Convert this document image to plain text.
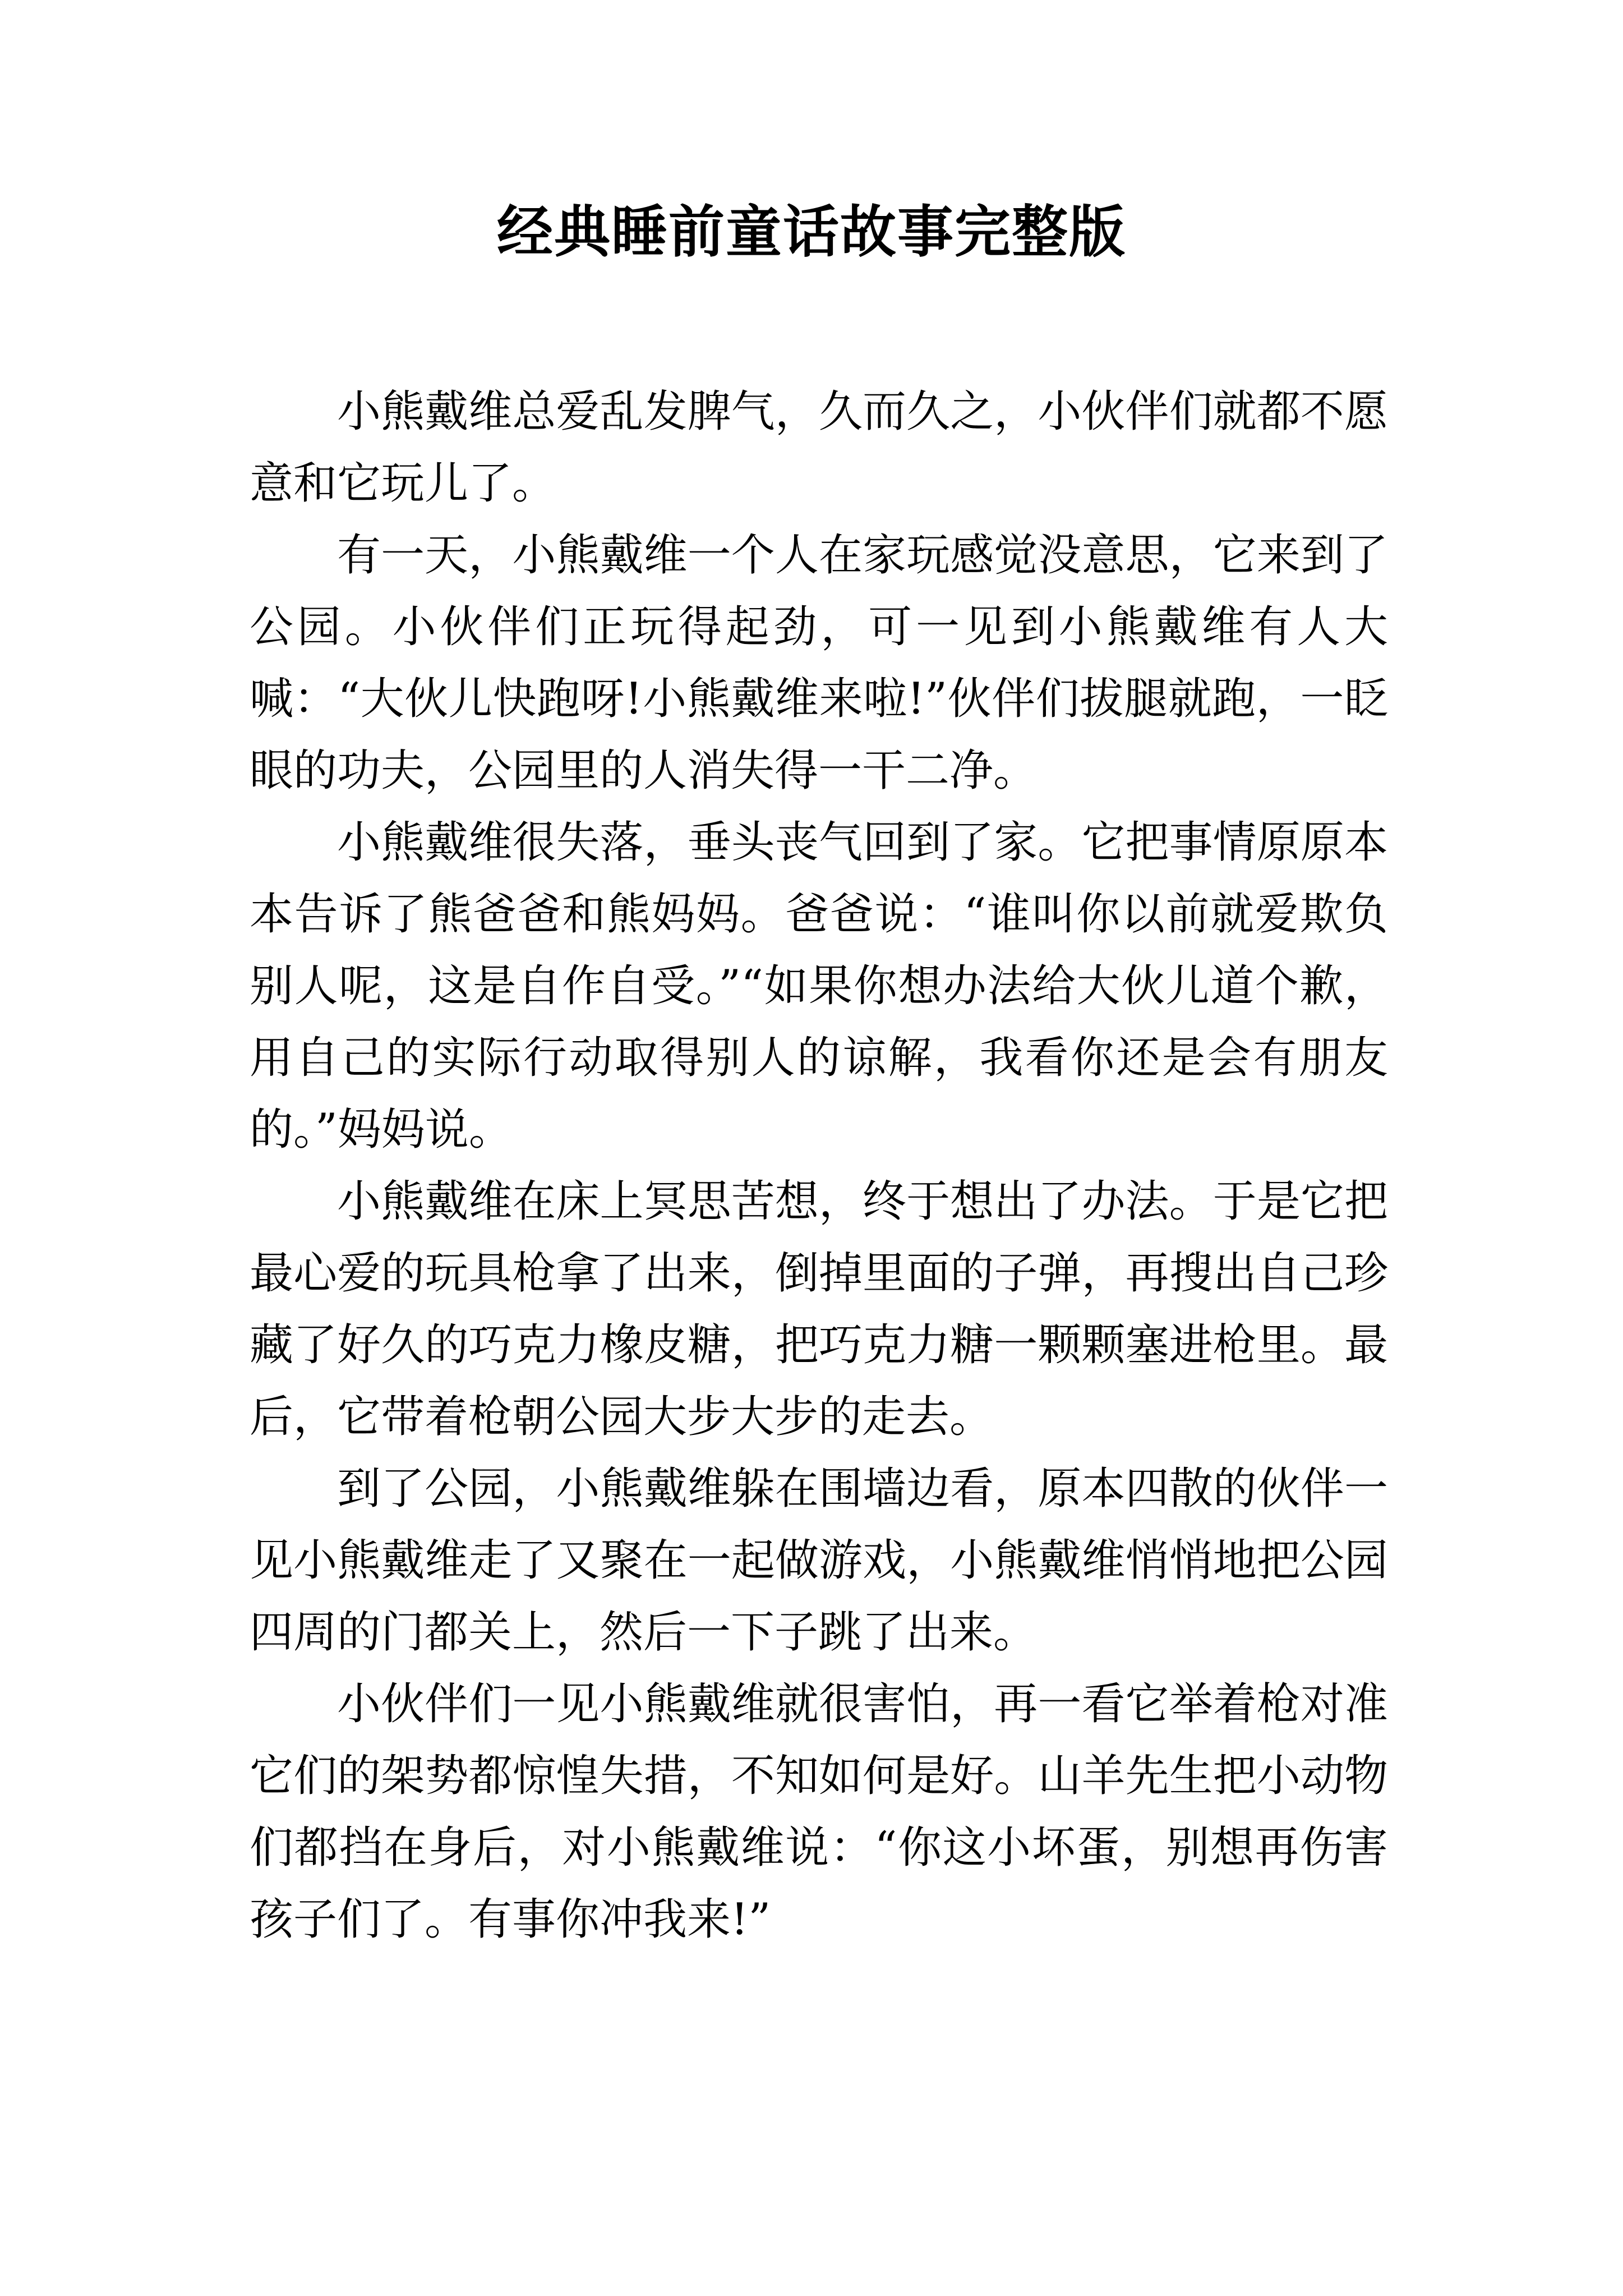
经典睡前童话故事完整版

小熊戴维总爱乱发脾气，久而久之，小伙伴们就都不愿意和它玩儿了。

有一天，小熊戴维一个人在家玩感觉没意思，它来到了公园。小伙伴们正玩得起劲，可一见到小熊戴维有人大喊：“大伙儿快跑呀!小熊戴维来啦!”伙伴们拔腿就跑，一眨眼的功夫，公园里的人消失得一干二净。

小熊戴维很失落，垂头丧气回到了家。它把事情原原本本告诉了熊爸爸和熊妈妈。爸爸说：“谁叫你以前就爱欺负别人呢，这是自作自受。”“如果你想办法给大伙儿道个歉，用自己的实际行动取得别人的谅解，我看你还是会有朋友的。”妈妈说。

小熊戴维在床上冥思苦想，终于想出了办法。于是它把最心爱的玩具枪拿了出来，倒掉里面的子弹，再搜出自己珍藏了好久的巧克力橡皮糖，把巧克力糖一颗颗塞进枪里。最后，它带着枪朝公园大步大步的走去。

到了公园，小熊戴维躲在围墙边看，原本四散的伙伴一见小熊戴维走了又聚在一起做游戏，小熊戴维悄悄地把公园四周的门都关上，然后一下子跳了出来。

小伙伴们一见小熊戴维就很害怕，再一看它举着枪对准它们的架势都惊惶失措，不知如何是好。山羊先生把小动物们都挡在身后，对小熊戴维说：“你这小坏蛋，别想再伤害孩子们了。有事你冲我来!”
